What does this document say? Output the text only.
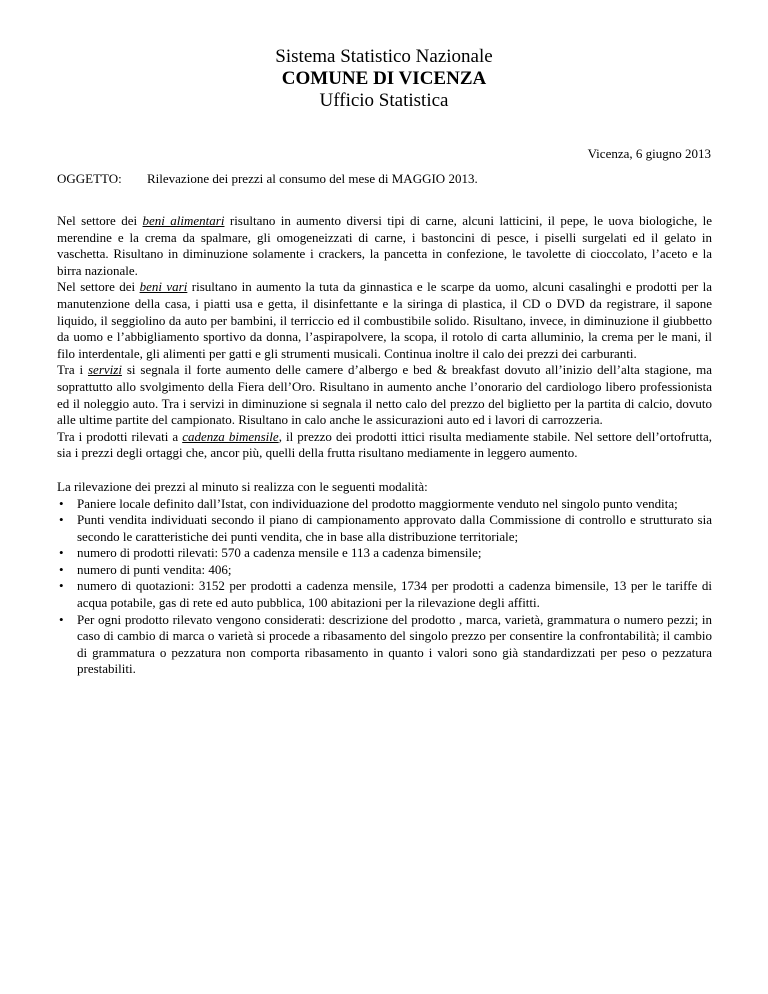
Sistema Statistico Nazionale
COMUNE DI VICENZA
Ufficio Statistica
Vicenza, 6 giugno 2013
OGGETTO: Rilevazione dei prezzi al consumo del mese di MAGGIO 2013.

Nel settore dei beni alimentari risultano in aumento diversi tipi di carne, alcuni latticini, il pepe, le uova biologiche, le merendine e la crema da spalmare, gli omogeneizzati di carne, i bastoncini di pesce, i piselli surgelati ed il gelato in vaschetta. Risultano in diminuzione solamente i crackers, la pancetta in confezione, le tavolette di cioccolato, l’aceto e la birra nazionale.

Nel settore dei beni vari risultano in aumento la tuta da ginnastica e le scarpe da uomo, alcuni casalinghi e prodotti per la manutenzione della casa, i piatti usa e getta, il disinfettante e la siringa di plastica, il CD o DVD da registrare, il sapone liquido, il seggiolino da auto per bambini, il terriccio ed il combustibile solido. Risultano, invece, in diminuzione il giubbetto da uomo e l’abbigliamento sportivo da donna, l’aspirapolvere, la scopa, il rotolo di carta alluminio, la crema per le mani, il filo interdentale, gli alimenti per gatti e gli strumenti musicali. Continua inoltre il calo dei prezzi dei carburanti.

Tra i servizi si segnala il forte aumento delle camere d’albergo e bed & breakfast dovuto all’inizio dell’alta stagione, ma soprattutto allo svolgimento della Fiera dell’Oro. Risultano in aumento anche l’onorario del cardiologo libero professionista ed il noleggio auto. Tra i servizi in diminuzione si segnala il netto calo del prezzo del biglietto per la partita di calcio, dovuto alle ultime partite del campionato. Risultano in calo anche le assicurazioni auto ed i lavori di carrozzeria.

Tra i prodotti rilevati a cadenza bimensile, il prezzo dei prodotti ittici risulta mediamente stabile. Nel settore dell’ortofrutta, sia i prezzi degli ortaggi che, ancor più, quelli della frutta risultano mediamente in leggero aumento.

La rilevazione dei prezzi al minuto si realizza con le seguenti modalità:

• Paniere locale definito dall’Istat, con individuazione del prodotto maggiormente venduto nel singolo punto vendita;
• Punti vendita individuati secondo il piano di campionamento approvato dalla Commissione di controllo e strutturato sia secondo le caratteristiche dei punti vendita, che in base alla distribuzione territoriale;
• numero di prodotti rilevati: 570 a cadenza mensile e 113 a cadenza bimensile;
• numero di punti vendita: 406;
• numero di quotazioni: 3152 per prodotti a cadenza mensile, 1734 per prodotti a cadenza bimensile, 13 per le tariffe di acqua potabile, gas di rete ed auto pubblica, 100 abitazioni per la rilevazione degli affitti.
• Per ogni prodotto rilevato vengono considerati: descrizione del prodotto , marca, varietà, grammatura o numero pezzi; in caso di cambio di marca o varietà si procede a ribasamento del singolo prezzo per consentire la confrontabilità; il cambio di grammatura o pezzatura non comporta ribasamento in quanto i valori sono già standardizzati per peso o pezzatura prestabiliti.
